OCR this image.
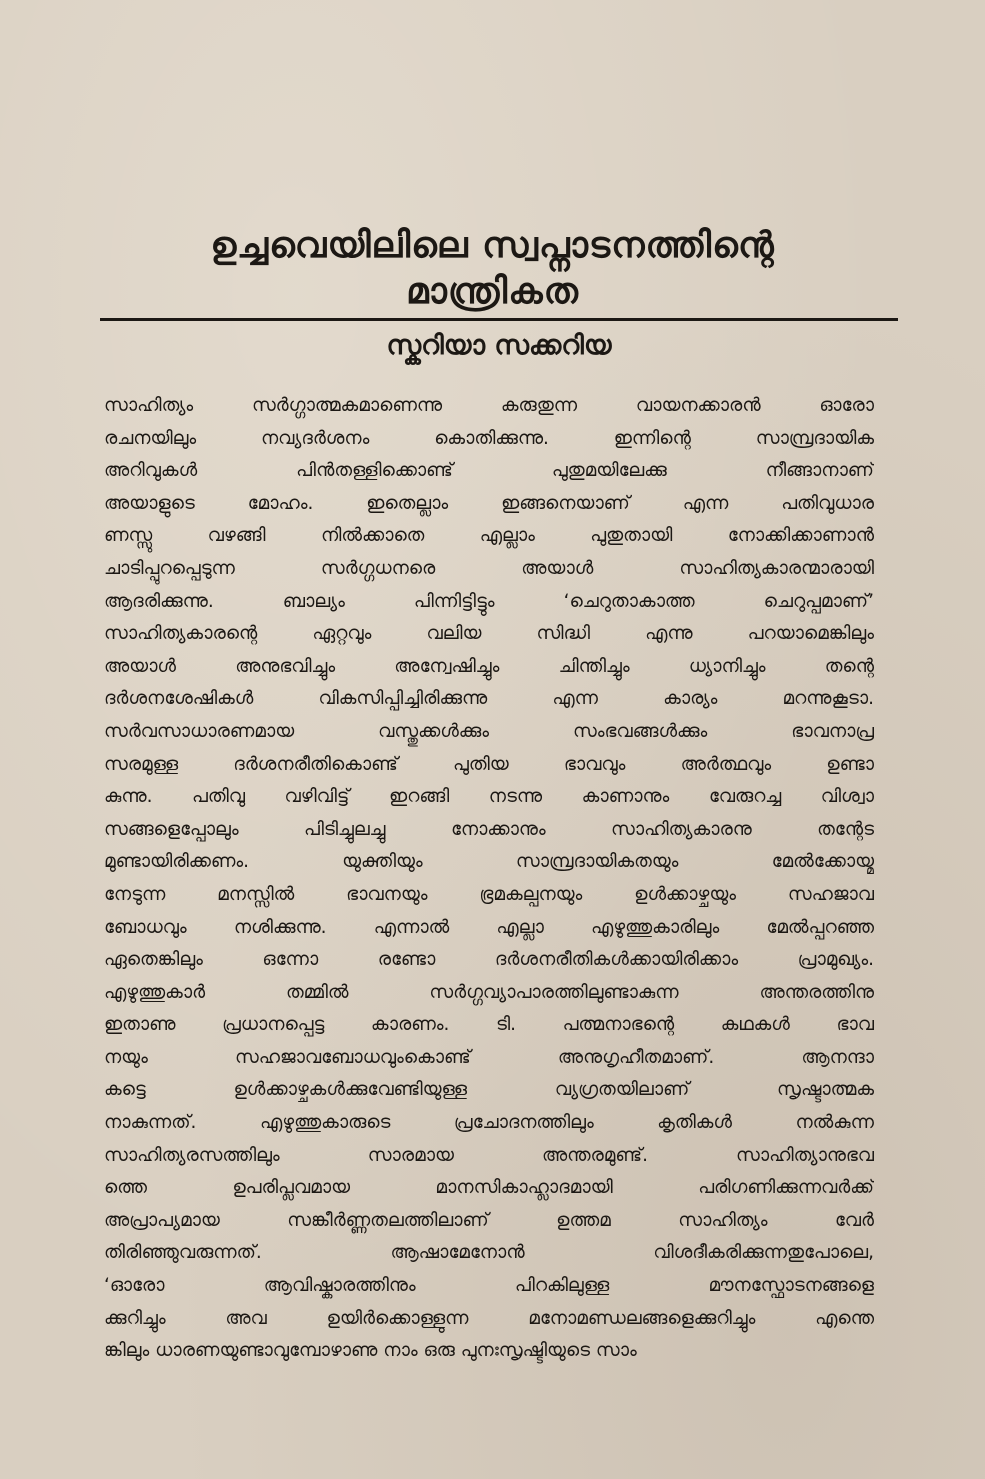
ഉച്ചവെയിലിലെ സ്വപ്നാടനത്തിന്റെ
മാന്ത്രികത
സ്കറിയാ സക്കറിയ
സാഹിത്യം സർഗ്ഗാത്മകമാണെന്നു കരുതുന്ന വായനക്കാരൻ ഓരോ
രചനയിലും നവ്യദർശനം കൊതിക്കുന്നു. ഇന്നിന്റെ സാമ്പ്രദായിക
അറിവുകൾ പിൻതള്ളിക്കൊണ്ട് പുതുമയിലേക്കു നീങ്ങാനാണ്
അയാളുടെ മോഹം. ഇതെല്ലാം ഇങ്ങനെയാണ് എന്ന പതിവുധാര
ണസ്സു വഴങ്ങി നിൽക്കാതെ എല്ലാം പുതുതായി നോക്കിക്കാണാൻ
ചാടിപ്പുറപ്പെടുന്ന സർഗ്ഗധനരെ അയാൾ സാഹിത്യകാരന്മാരായി
ആദരിക്കുന്നു. ബാല്യം പിന്നിട്ടിട്ടും ‘ചെറുതാകാത്ത ചെറുപ്പമാണ്’
സാഹിത്യകാരന്റെ ഏറ്റവും വലിയ സിദ്ധി എന്നു പറയാമെങ്കിലും
അയാൾ അനുഭവിച്ചും അന്വേഷിച്ചും ചിന്തിച്ചും ധ്യാനിച്ചും തന്റെ
ദർശനശേഷികൾ വികസിപ്പിച്ചിരിക്കുന്നു എന്ന കാര്യം മറന്നുകൂടാ.
സർവസാധാരണമായ വസ്തുക്കൾക്കും സംഭവങ്ങൾക്കും ഭാവനാപ്ര
സരമുള്ള ദർശനരീതികൊണ്ട് പുതിയ ഭാവവും അർത്ഥവും ഉണ്ടാ
കുന്നു. പതിവു വഴിവിട്ട് ഇറങ്ങി നടന്നു കാണാനും വേരുറച്ച വിശ്വാ
സങ്ങളെപ്പോലും പിടിച്ചുലച്ചു നോക്കാനും സാഹിത്യകാരനു തന്റേട
മുണ്ടായിരിക്കണം. യുക്തിയും സാമ്പ്രദായികതയും മേൽക്കോയ്മ
നേടുന്ന മനസ്സിൽ ഭാവനയും ഭ്രമകല്പനയും ഉൾക്കാഴ്ചയും സഹജാവ
ബോധവും നശിക്കുന്നു. എന്നാൽ എല്ലാ എഴുത്തുകാരിലും മേൽപ്പറഞ്ഞ
ഏതെങ്കിലും ഒന്നോ രണ്ടോ ദർശനരീതികൾക്കായിരിക്കാം പ്രാമുഖ്യം.
എഴുത്തുകാർ തമ്മിൽ സർഗ്ഗവ്യാപാരത്തിലുണ്ടാകുന്ന അന്തരത്തിനു
ഇതാണു പ്രധാനപ്പെട്ട കാരണം. ടി. പത്മനാഭന്റെ കഥകൾ ഭാവ
നയും സഹജാവബോധവുംകൊണ്ട് അനുഗൃഹീതമാണ്. ആനന്ദാ
കട്ടെ ഉൾക്കാഴ്ചകൾക്കുവേണ്ടിയുള്ള വ്യഗ്രതയിലാണ് സൃഷ്ടാത്മക
നാകുന്നത്. എഴുത്തുകാരുടെ പ്രചോദനത്തിലും കൃതികൾ നൽകുന്ന
സാഹിത്യരസത്തിലും സാരമായ അന്തരമുണ്ട്. സാഹിത്യാനുഭവ
ത്തെ ഉപരിപ്ലവമായ മാനസികാഹ്ലാദമായി പരിഗണിക്കുന്നവർക്ക്
അപ്രാപ്യമായ സങ്കീർണ്ണതലത്തിലാണ് ഉത്തമ സാഹിത്യം വേർ
തിരിഞ്ഞുവരുന്നത്. ആഷാമേനോൻ വിശദീകരിക്കുന്നതുപോലെ,
‘ഓരോ ആവിഷ്കാരത്തിനും പിറകിലുള്ള മൗനസ്ഫോടനങ്ങളെ
ക്കുറിച്ചും അവ ഉയിർക്കൊള്ളുന്ന മനോമണ്ഡലങ്ങളെക്കുറിച്ചും എന്തെ
ങ്കിലും ധാരണയുണ്ടാവുമ്പോഴാണു നാം ഒരു പുനഃസൃഷ്ടിയുടെ സാം
